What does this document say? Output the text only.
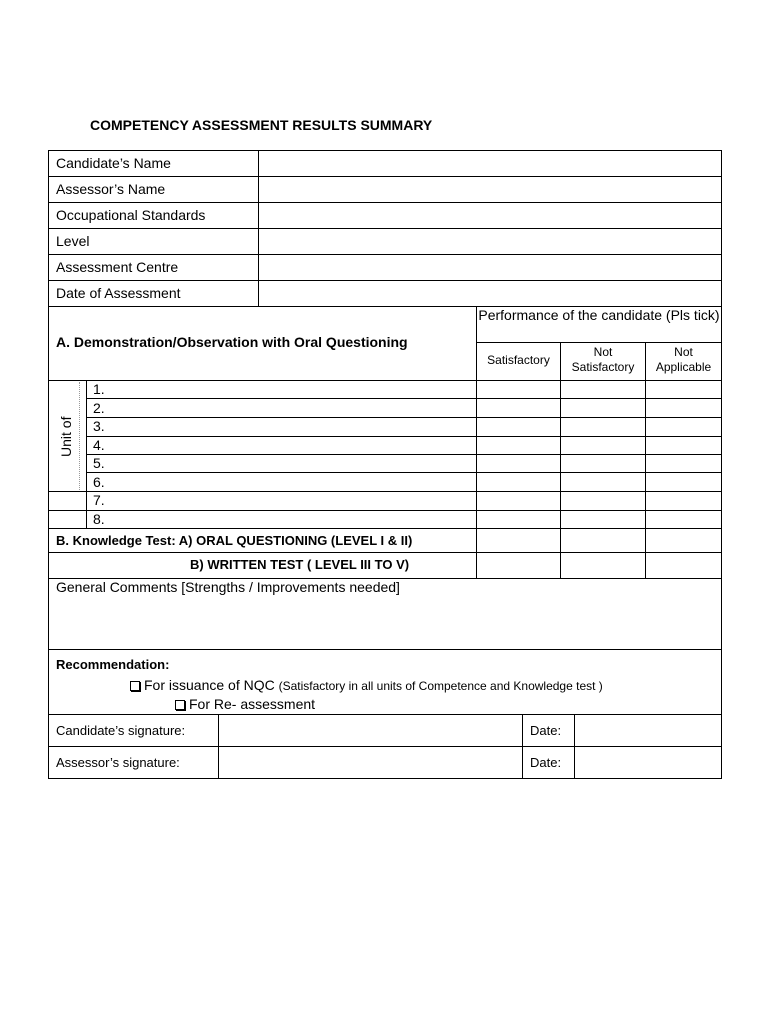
COMPETENCY ASSESSMENT RESULTS SUMMARY
Candidate’s Name
Assessor’s Name
Occupational Standards
Level
Assessment Centre
Date of Assessment
A. Demonstration/Observation with Oral Questioning
Performance of the candidate (Pls tick)
Satisfactory
Not Satisfactory
Not Applicable
Unit of
1.
2.
3.
4.
5.
6.
7.
8.
B. Knowledge Test: A) ORAL QUESTIONING (LEVEL I & II)
B) WRITTEN TEST ( LEVEL III TO V)
General Comments [Strengths / Improvements needed]
Recommendation:
For issuance of NQC (Satisfactory in all units of Competence and Knowledge test )
For Re- assessment
Candidate’s signature:	Date:
Assessor’s signature:	Date:
